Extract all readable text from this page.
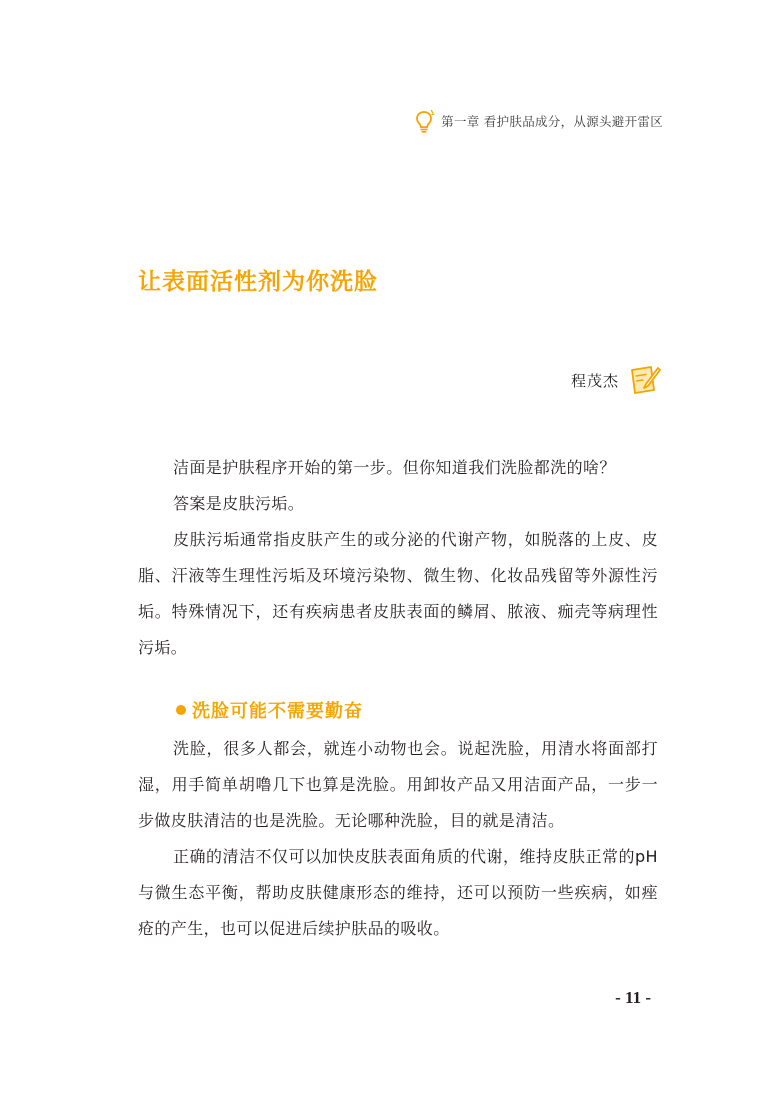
第一章 看护肤品成分，从源头避开雷区
让表面活性剂为你洗脸
程茂杰

洁面是护肤程序开始的第一步。但你知道我们洗脸都洗的啥？

答案是皮肤污垢。

皮肤污垢通常指皮肤产生的或分泌的代谢产物，如脱落的上皮、皮脂、汗液等生理性污垢及环境污染物、微生物、化妆品残留等外源性污垢。特殊情况下，还有疾病患者皮肤表面的鳞屑、脓液、痂壳等病理性污垢。

洗脸可能不需要勤奋

洗脸，很多人都会，就连小动物也会。说起洗脸，用清水将面部打湿，用手简单胡噜几下也算是洗脸。用卸妆产品又用洁面产品，一步一步做皮肤清洁的也是洗脸。无论哪种洗脸，目的就是清洁。

正确的清洁不仅可以加快皮肤表面角质的代谢，维持皮肤正常的pH与微生态平衡，帮助皮肤健康形态的维持，还可以预防一些疾病，如痤疮的产生，也可以促进后续护肤品的吸收。

- 11 -
